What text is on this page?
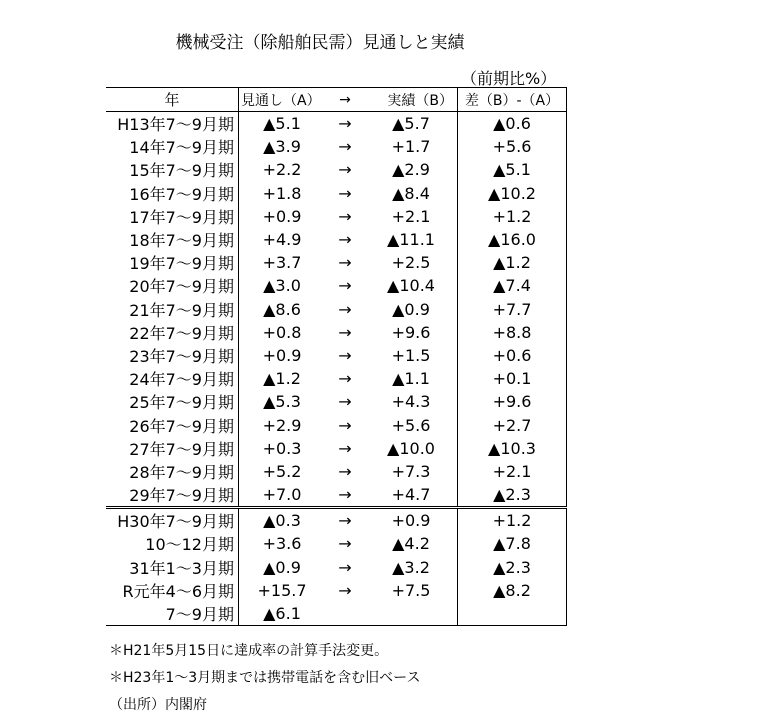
機械受注（除船舶民需）見通しと実績
（前期比%）
年	見通し（A）	→	実績（B）	差（B）-（A）
H13年7～9月期	▲5.1	→	▲5.7	▲0.6
14年7～9月期	▲3.9	→	+1.7	+5.6
15年7～9月期	+2.2	→	▲2.9	▲5.1
16年7～9月期	+1.8	→	▲8.4	▲10.2
17年7～9月期	+0.9	→	+2.1	+1.2
18年7～9月期	+4.9	→	▲11.1	▲16.0
19年7～9月期	+3.7	→	+2.5	▲1.2
20年7～9月期	▲3.0	→	▲10.4	▲7.4
21年7～9月期	▲8.6	→	▲0.9	+7.7
22年7～9月期	+0.8	→	+9.6	+8.8
23年7～9月期	+0.9	→	+1.5	+0.6
24年7～9月期	▲1.2	→	▲1.1	+0.1
25年7～9月期	▲5.3	→	+4.3	+9.6
26年7～9月期	+2.9	→	+5.6	+2.7
27年7～9月期	+0.3	→	▲10.0	▲10.3
28年7～9月期	+5.2	→	+7.3	+2.1
29年7～9月期	+7.0	→	+4.7	▲2.3
H30年7～9月期	▲0.3	→	+0.9	+1.2
10～12月期	+3.6	→	▲4.2	▲7.8
31年1～3月期	▲0.9	→	▲3.2	▲2.3
R元年4～6月期	+15.7	→	+7.5	▲8.2
7～9月期	▲6.1			
＊H21年5月15日に達成率の計算手法変更。
＊H23年1～3月期までは携帯電話を含む旧ベース
（出所）内閣府
